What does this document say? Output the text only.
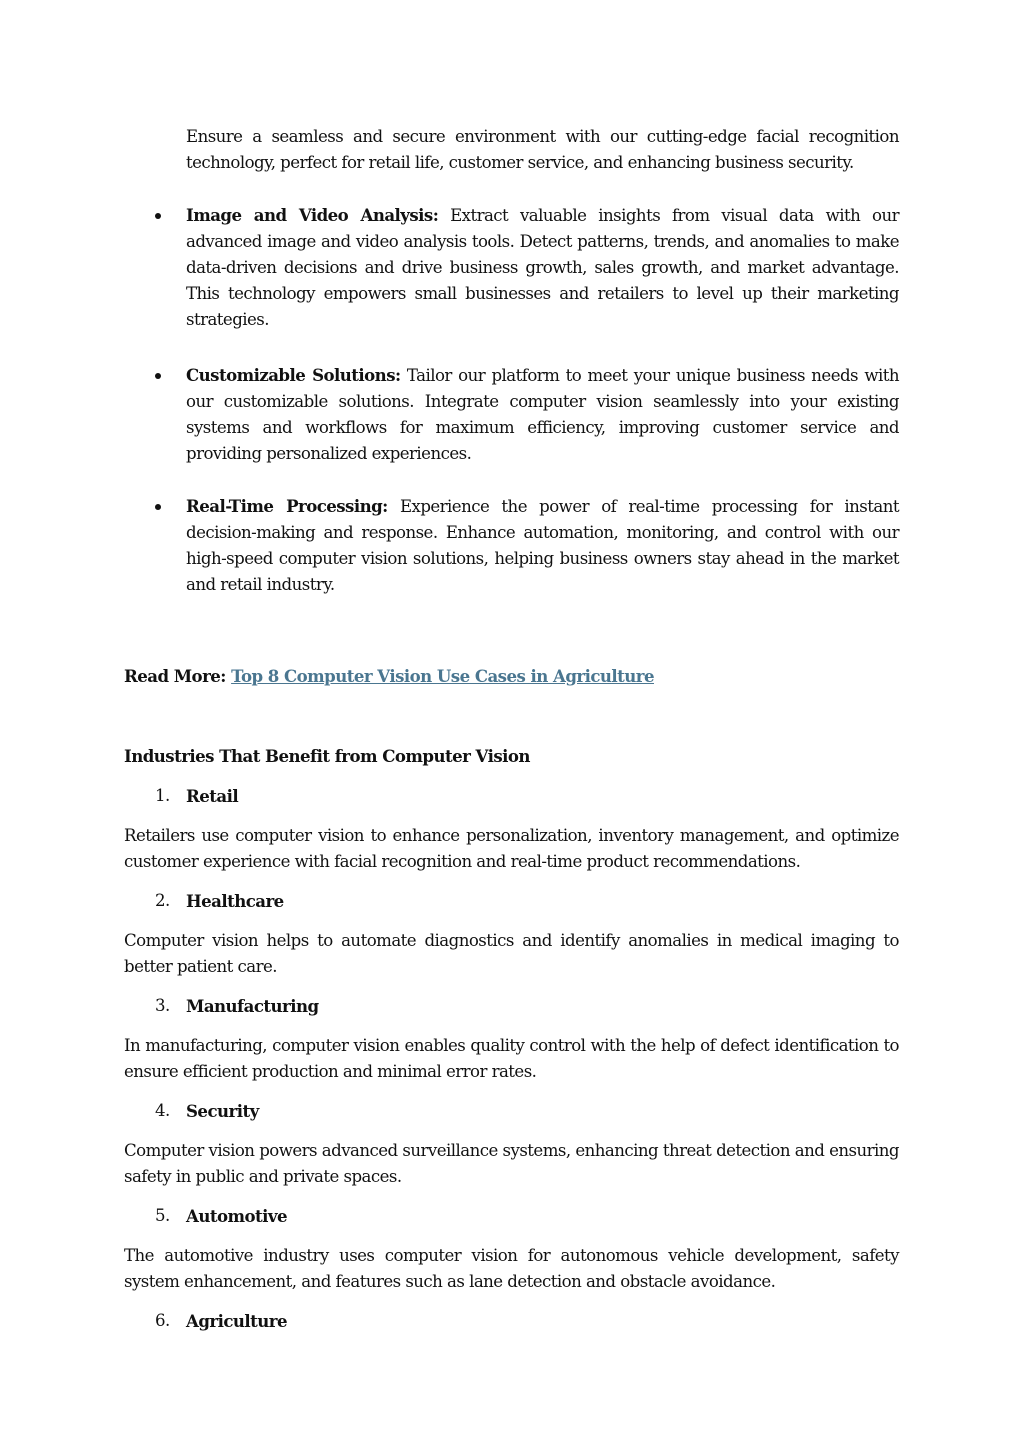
Ensure a seamless and secure environment with our cutting-edge facial recognition technology, perfect for retail life, customer service, and enhancing business security.

Image and Video Analysis: Extract valuable insights from visual data with our advanced image and video analysis tools. Detect patterns, trends, and anomalies to make data-driven decisions and drive business growth, sales growth, and market advantage. This technology empowers small businesses and retailers to level up their marketing strategies.
Customizable Solutions: Tailor our platform to meet your unique business needs with our customizable solutions. Integrate computer vision seamlessly into your existing systems and workflows for maximum efficiency, improving customer service and providing personalized experiences.
Real-Time Processing: Experience the power of real-time processing for instant decision-making and response. Enhance automation, monitoring, and control with our high-speed computer vision solutions, helping business owners stay ahead in the market and retail industry.

Read More: Top 8 Computer Vision Use Cases in Agriculture

Industries That Benefit from Computer Vision

1. Retail

Retailers use computer vision to enhance personalization, inventory management, and optimize customer experience with facial recognition and real-time product recommendations.

2. Healthcare

Computer vision helps to automate diagnostics and identify anomalies in medical imaging to better patient care.

3. Manufacturing

In manufacturing, computer vision enables quality control with the help of defect identification to ensure efficient production and minimal error rates.

4. Security

Computer vision powers advanced surveillance systems, enhancing threat detection and ensuring safety in public and private spaces.

5. Automotive

The automotive industry uses computer vision for autonomous vehicle development, safety system enhancement, and features such as lane detection and obstacle avoidance.

6. Agriculture
